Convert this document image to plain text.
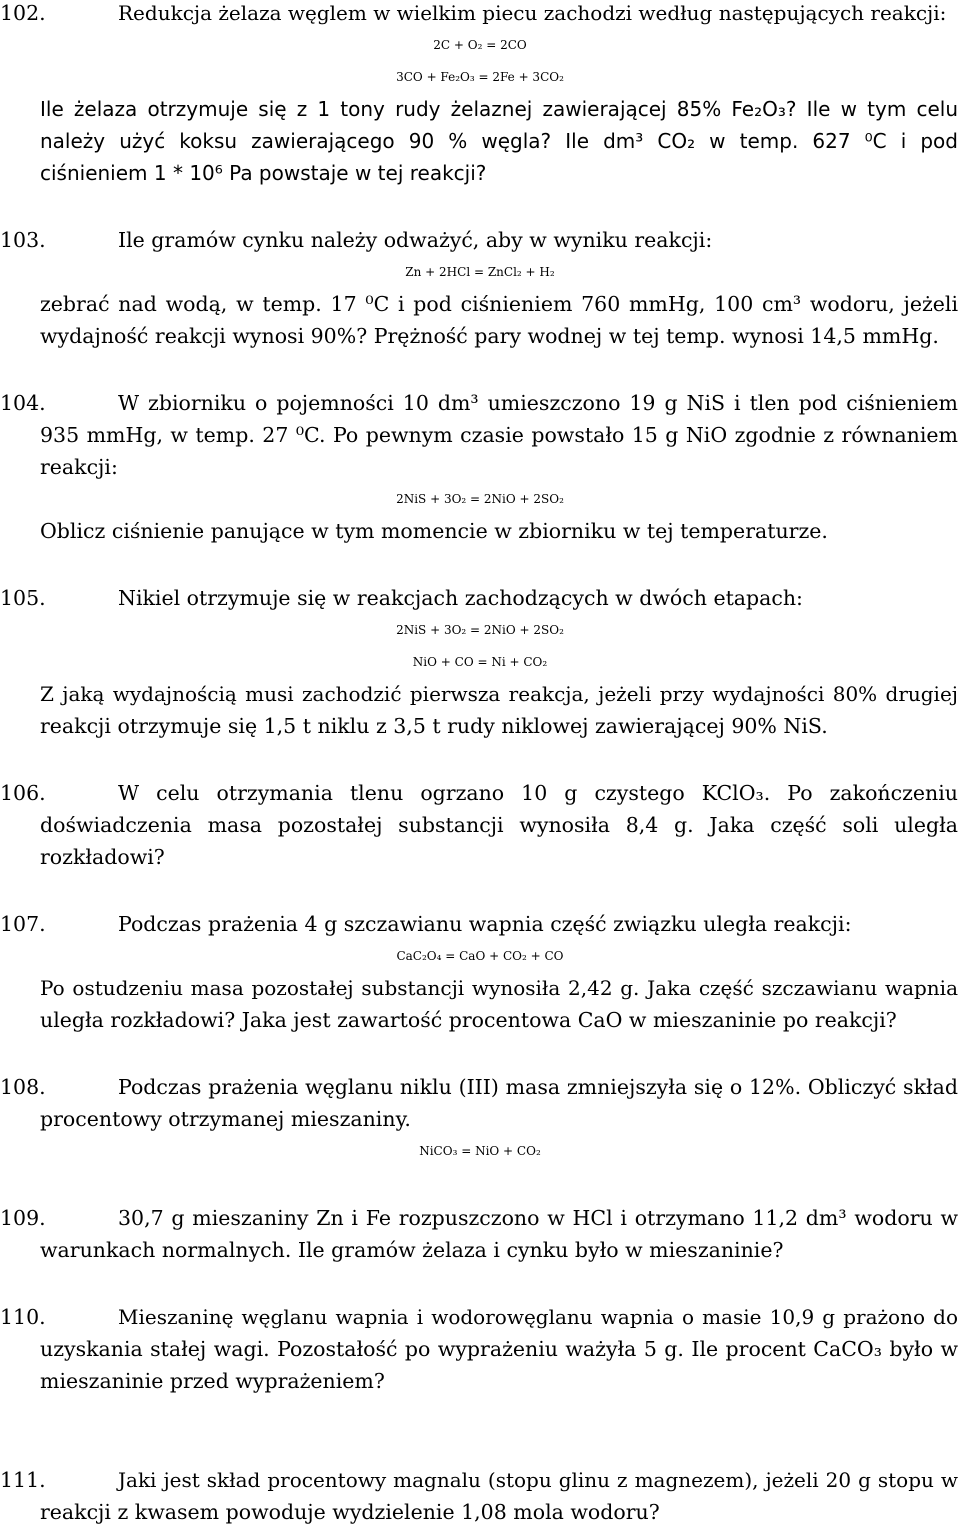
102.	Redukcja żelaza węglem w wielkim piecu zachodzi według następujących reakcji:
2C + O₂ = 2CO
3CO + Fe₂O₃ = 2Fe + 3CO₂
Ile żelaza otrzymuje się z 1 tony rudy żelaznej zawierającej 85% Fe₂O₃? Ile w tym celu
należy użyć koksu zawierającego 90 % węgla? Ile dm³ CO₂ w temp. 627 ⁰C i pod
ciśnieniem 1 * 10⁶ Pa powstaje w tej reakcji?
103.	Ile gramów cynku należy odważyć, aby w wyniku reakcji:
Zn + 2HCl = ZnCl₂ + H₂
zebrać nad wodą, w temp. 17 ⁰C i pod ciśnieniem 760 mmHg, 100 cm³ wodoru, jeżeli
wydajność reakcji wynosi 90%? Prężność pary wodnej w tej temp. wynosi 14,5 mmHg.
104.	W zbiorniku o pojemności 10 dm³ umieszczono 19 g NiS i tlen pod ciśnieniem
935 mmHg, w temp. 27 ⁰C. Po pewnym czasie powstało 15 g NiO zgodnie z równaniem
reakcji:
2NiS + 3O₂ = 2NiO + 2SO₂
Oblicz ciśnienie panujące w tym momencie w zbiorniku w tej temperaturze.
105.	Nikiel otrzymuje się w reakcjach zachodzących w dwóch etapach:
2NiS + 3O₂ = 2NiO + 2SO₂
NiO + CO = Ni + CO₂
Z jaką wydajnością musi zachodzić pierwsza reakcja, jeżeli przy wydajności 80% drugiej
reakcji otrzymuje się 1,5 t niklu z 3,5 t rudy niklowej zawierającej 90% NiS.
106.	W celu otrzymania tlenu ogrzano 10 g czystego KClO₃. Po zakończeniu
doświadczenia masa pozostałej substancji wynosiła 8,4 g. Jaka część soli uległa
rozkładowi?
107.	Podczas prażenia 4 g szczawianu wapnia część związku uległa reakcji:
CaC₂O₄ = CaO + CO₂ + CO
Po ostudzeniu masa pozostałej substancji wynosiła 2,42 g. Jaka część szczawianu wapnia
uległa rozkładowi? Jaka jest zawartość procentowa CaO w mieszaninie po reakcji?
108.	Podczas prażenia węglanu niklu (III) masa zmniejszyła się o 12%. Obliczyć skład
procentowy otrzymanej mieszaniny.
NiCO₃ = NiO + CO₂
109.	30,7 g mieszaniny Zn i Fe rozpuszczono w HCl i otrzymano 11,2 dm³ wodoru w
warunkach normalnych. Ile gramów żelaza i cynku było w mieszaninie?
110.	Mieszaninę węglanu wapnia i wodorowęglanu wapnia o masie 10,9 g prażono do
uzyskania stałej wagi. Pozostałość po wyprażeniu ważyła 5 g. Ile procent CaCO₃ było w
mieszaninie przed wyprażeniem?
111.	Jaki jest skład procentowy magnalu (stopu glinu z magnezem), jeżeli 20 g stopu w
reakcji z kwasem powoduje wydzielenie 1,08 mola wodoru?
